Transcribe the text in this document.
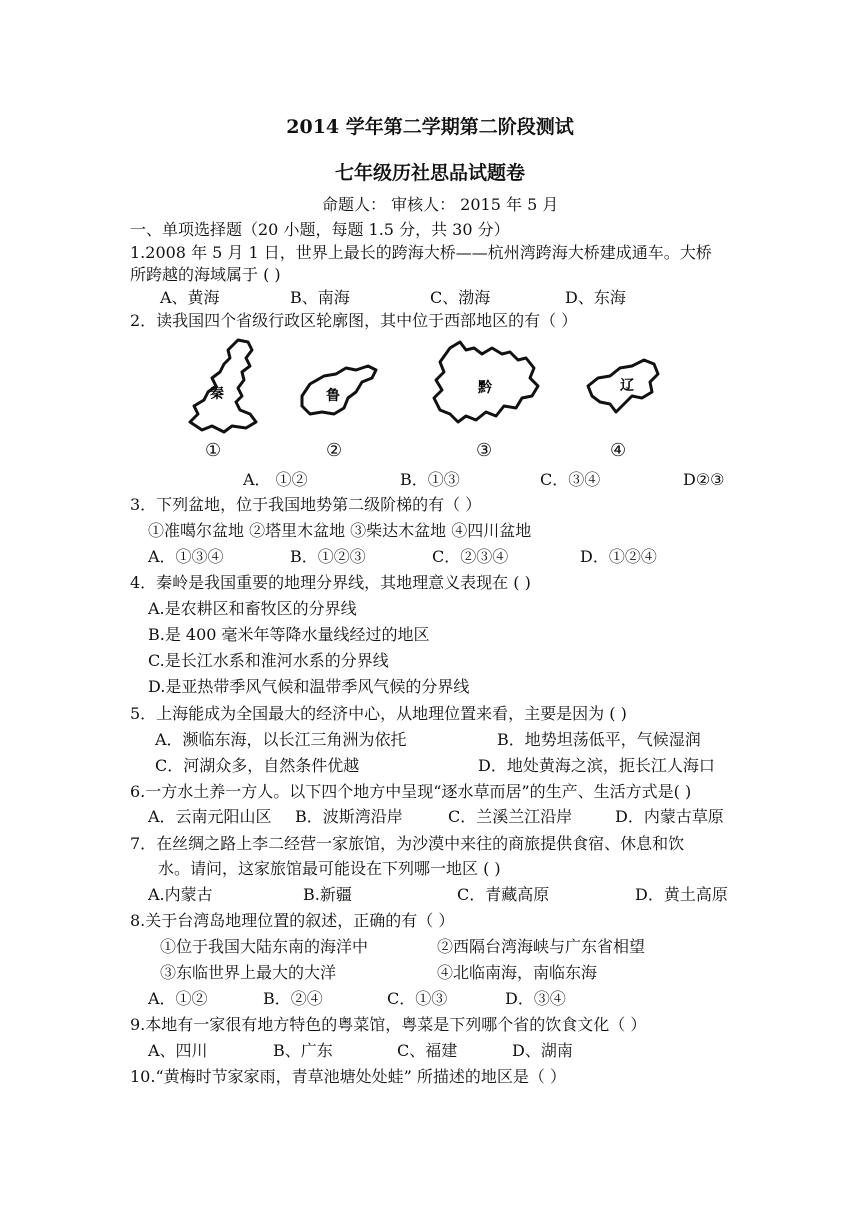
2014 学年第二学期第二阶段测试
七年级历社思品试题卷
命题人： 审核人： 2015 年 5 月
一、单项选择题（20 小题，每题 1.5 分，共 30 分）
1.2008 年 5 月 1 日，世界上最长的跨海大桥——杭州湾跨海大桥建成通车。大桥
所跨越的海域属于 ( )
A、黄海	B、南海	C、渤海	D、东海
2．读我国四个省级行政区轮廓图，其中位于西部地区的有（ ）
秦	鲁	黔	辽
①	②	③	④
A． ①②	B．①③	C．③④	D②③
3．下列盆地，位于我国地势第二级阶梯的有（ ）
①准噶尔盆地 ②塔里木盆地 ③柴达木盆地 ④四川盆地
A．①③④	B．①②③	C．②③④	D．①②④
4．秦岭是我国重要的地理分界线，其地理意义表现在 ( )
A.是农耕区和畜牧区的分界线
B.是 400 毫米年等降水量线经过的地区
C.是长江水系和淮河水系的分界线
D.是亚热带季风气候和温带季风气候的分界线
5．上海能成为全国最大的经济中心，从地理位置来看，主要是因为 ( )
A．濒临东海，以长江三角洲为依托	B．地势坦荡低平，气候湿润
C．河湖众多，自然条件优越	D．地处黄海之滨，扼长江人海口
6.一方水土养一方人。以下四个地方中呈现“逐水草而居”的生产、生活方式是( )
A．云南元阳山区 B．波斯湾沿岸	C．兰溪兰江沿岸	D．内蒙古草原
7．在丝绸之路上李二经营一家旅馆，为沙漠中来往的商旅提供食宿、休息和饮
水。请问，这家旅馆最可能设在下列哪一地区 ( )
A.内蒙古	B.新疆	C．青藏高原	D．黄土高原
8.关于台湾岛地理位置的叙述，正确的有（ ）
①位于我国大陆东南的海洋中	②西隔台湾海峡与广东省相望
③东临世界上最大的大洋	④北临南海，南临东海
A．①②	B．②④	C．①③	D．③④
9.本地有一家很有地方特色的粤菜馆，粤菜是下列哪个省的饮食文化（ ）
A、四川	B、广东	C、福建	D、湖南
10.“黄梅时节家家雨，青草池塘处处蛙” 所描述的地区是（ ）
